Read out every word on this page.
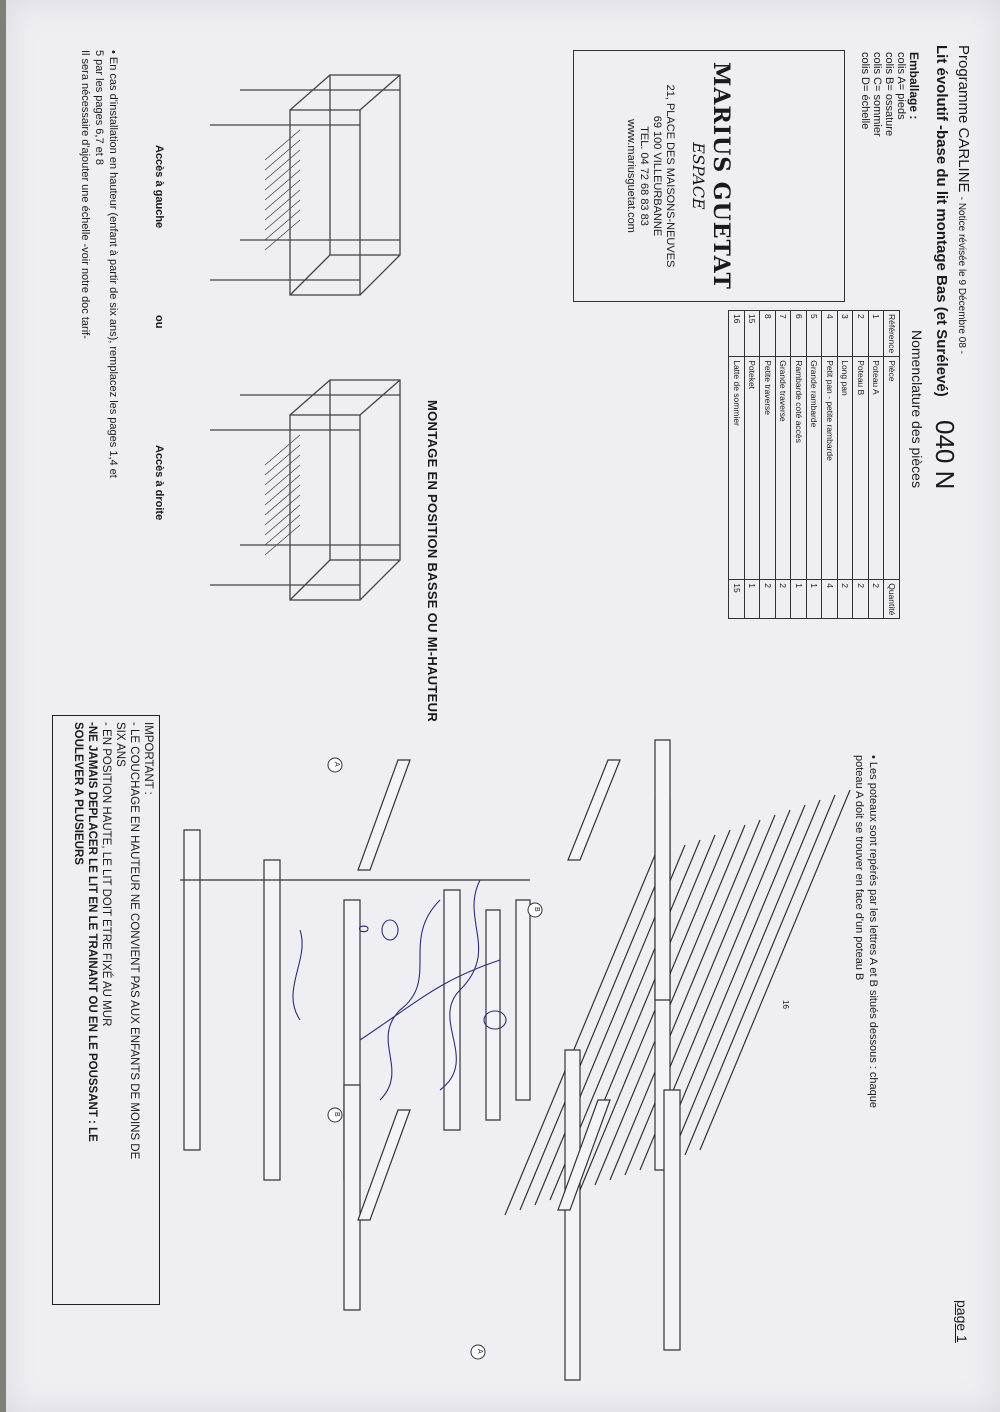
Programme CARLINE - Notice révisée le 9 Décembre 08 -
Lit évolutif -base du lit montage Bas (et Surélevé)
040 N
page 1
Emballage :
colis A= pieds
colis B= ossature
colis C= sommier
colis D= échelle
MARIUS GUETAT
ESPACE
21, PLACE DES MAISONS-NEUVES
69 100 VILLEURBANNE
TEL. 04 72 68 83 83
www.mariusguetat.com
Nomenclature des pièces
Référence	Pièce	Quantité
1	Poteau A	2
2	Poteau B	2
3	Long pan	2
4	Petit pan - petite rambarde	4
5	Grande rambarde	1
6	Rambarde coté accès	1
7	Grande traverse	2
8	Petite traverse	2
15	Poteket	1
16	Latte de sommier	15
MONTAGE EN POSITION BASSE OU MI-HAUTEUR
A
B
A
B
16
0
Accès à gauche
ou
Accès à droite
• En cas d'installation en hauteur (enfant à partir de six ans), remplacez les pages 1,4 et
5 par les pages 6,7 et 8
Il sera nécessaire d'ajouter une échelle -voir notre doc tarif-
• Les poteaux sont repérés par les lettres A et B situés dessous : chaque
poteau A doit se trouver en face d'un poteau B
IMPORTANT :
- LE COUCHAGE EN HAUTEUR NE CONVIENT PAS AUX ENFANTS DE MOINS DE
SIX ANS
- EN POSITION HAUTE, LE LIT DOIT ETRE FIXÉ AU MUR
-NE JAMAIS DEPLACER LE LIT EN LE TRAINANT OU EN LE POUSSANT : LE
SOULEVER A PLUSIEURS
